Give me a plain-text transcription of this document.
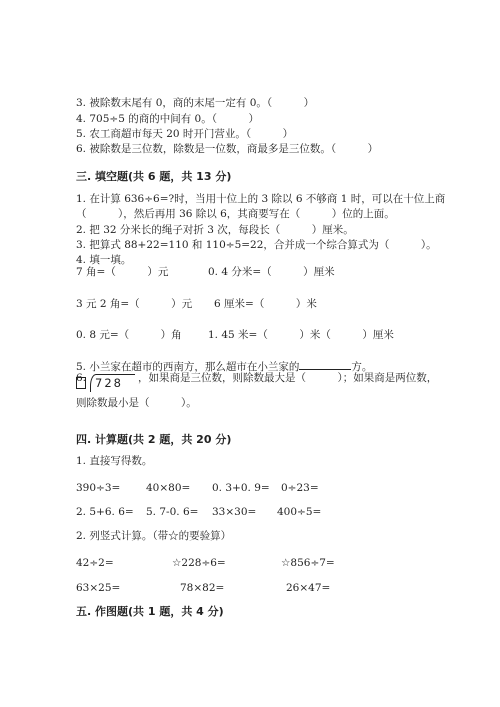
3. 被除数末尾有 0，商的末尾一定有 0。（　　　）
4. 705÷5 的商的中间有 0。（　　　）
5. 农工商超市每天 20 时开门营业。（　　　）
6. 被除数是三位数，除数是一位数，商最多是三位数。（　　　）
三. 填空题(共 6 题，共 13 分)
1. 在计算 636÷6=?时，当用十位上的 3 除以 6 不够商 1 时，可以在十位上商
（　　　），然后再用 36 除以 6，其商要写在（　　　）位的上面。
2. 把 32 分米长的绳子对折 3 次，每段长（　　　）厘米。
3. 把算式 88+22=110 和 110÷5=22，合并成一个综合算式为（　　　）。
4. 填一填。
7 角=（　　　）元	0. 4 分米=（　　　）厘米
3 元 2 角=（　　　）元 6 厘米=（　　　）米
0. 8 元=（　　　）角	1. 45 米=（　　　）米（　　　）厘米
5. 小兰家在超市的西南方，那么超市在小兰家的	方。
6. 728 ，如果商是三位数，则除数最大是（　　　）；如果商是两位数，
则除数最小是（　　　）。
四. 计算题(共 2 题，共 20 分)
1. 直接写得数。
390÷3= 40×80= 0. 3+0. 9= 0÷23=
2. 5+6. 6= 5. 7-0. 6= 33×30= 400÷5=
2. 列竖式计算。（带☆的要验算）
42÷2=	☆228÷6=	☆856÷7=
63×25=	78×82=	26×47=
五. 作图题(共 1 题，共 4 分)
